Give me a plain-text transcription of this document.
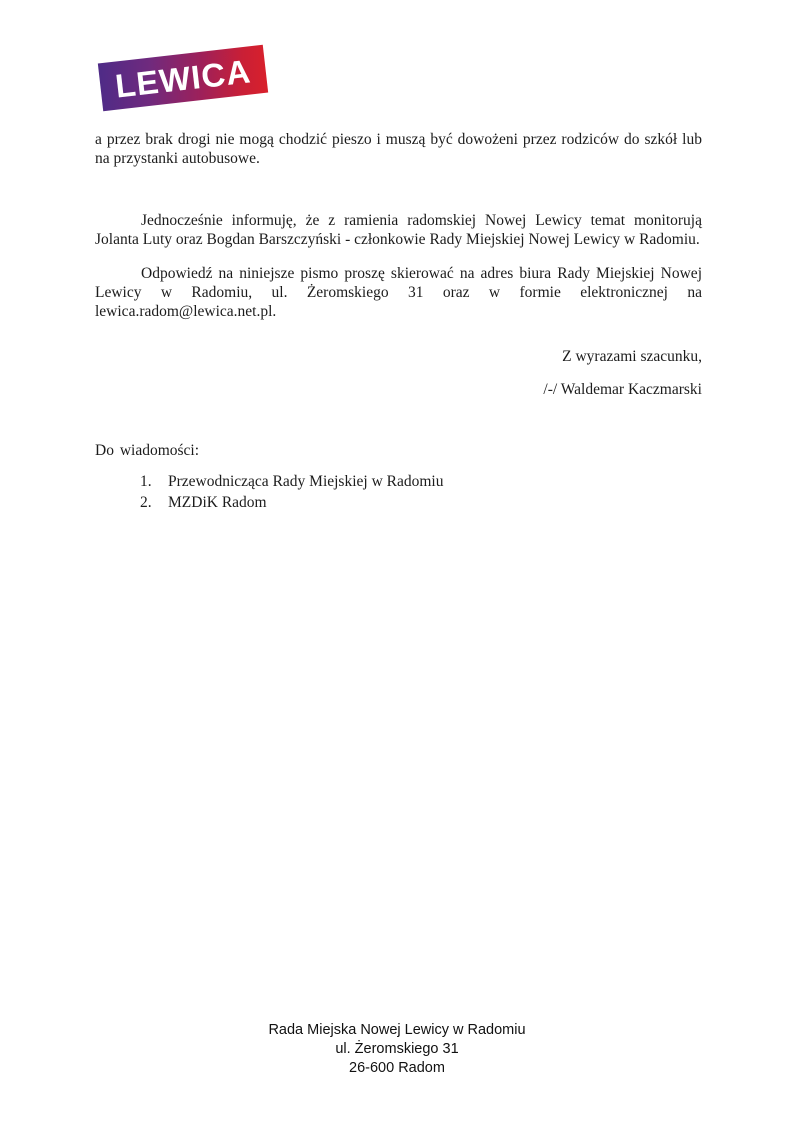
LEWICA

a przez brak drogi nie mogą chodzić pieszo i muszą być dowożeni przez rodziców do szkół lub na przystanki autobusowe.

Jednocześnie informuję, że z ramienia radomskiej Nowej Lewicy temat monitorują Jolanta Luty oraz Bogdan Barszczyński - członkowie Rady Miejskiej Nowej Lewicy w Radomiu.

Odpowiedź na niniejsze pismo proszę skierować na adres biura Rady Miejskiej Nowej Lewicy w Radomiu, ul. Żeromskiego 31 oraz w formie elektronicznej na lewica.radom@lewica.net.pl.

Z wyrazami szacunku,
/-/ Waldemar Kaczmarski
Do wiadomości:
1.	Przewodnicząca Rady Miejskiej w Radomiu
2.	MZDiK Radom
Rada Miejska Nowej Lewicy w Radomiu
ul. Żeromskiego 31
26-600 Radom
